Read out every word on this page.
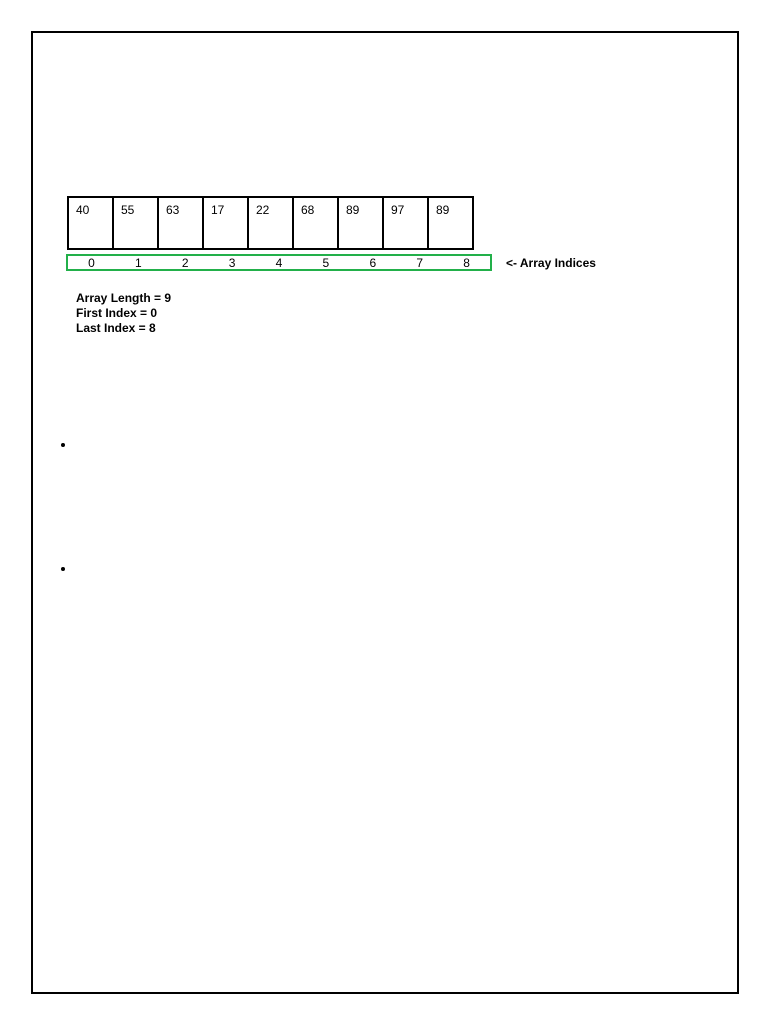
40	55	63	17	22	68	89	97	89
0	1	2	3	4	5	6	7	8	<- Array Indices
Array Length = 9
First Index = 0
Last Index = 8
